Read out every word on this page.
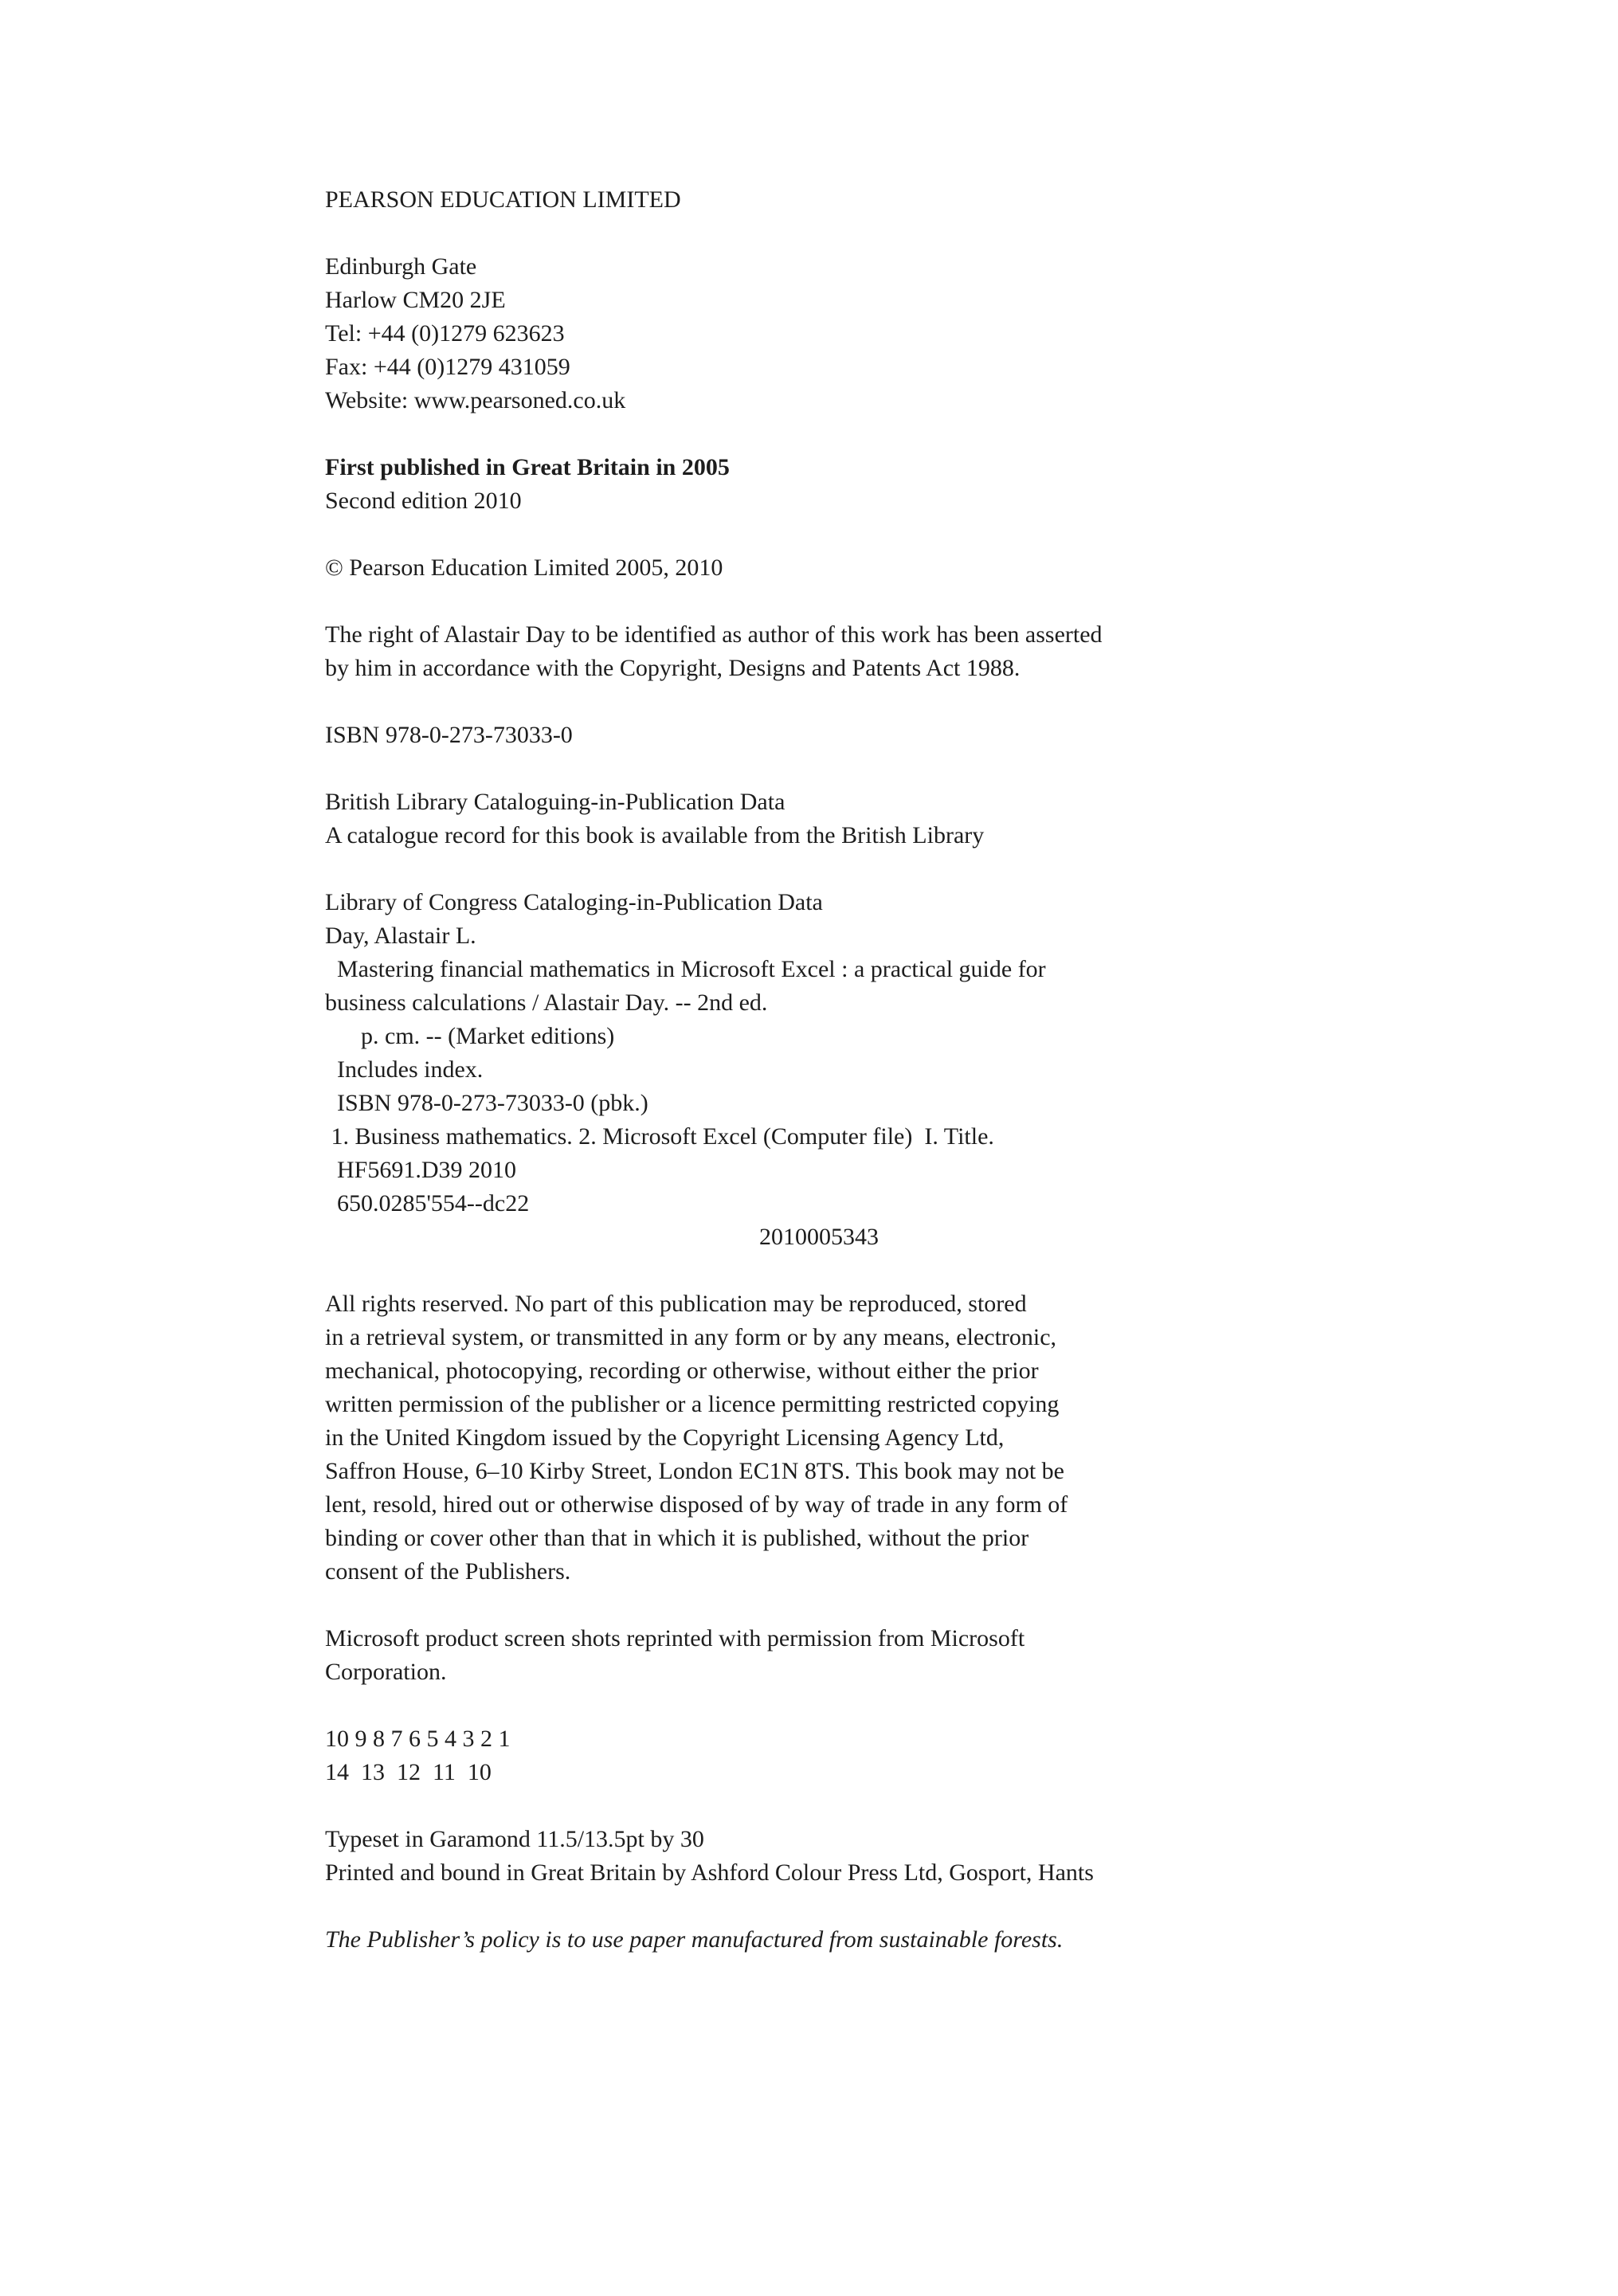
PEARSON EDUCATION LIMITED
Edinburgh Gate
Harlow CM20 2JE
Tel: +44 (0)1279 623623
Fax: +44 (0)1279 431059
Website: www.pearsoned.co.uk
First published in Great Britain in 2005
Second edition 2010
© Pearson Education Limited 2005, 2010
The right of Alastair Day to be identified as author of this work has been asserted
by him in accordance with the Copyright, Designs and Patents Act 1988.
ISBN 978-0-273-73033-0
British Library Cataloguing-in-Publication Data
A catalogue record for this book is available from the British Library
Library of Congress Cataloging-in-Publication Data
Day, Alastair L.
Mastering financial mathematics in Microsoft Excel : a practical guide for
business calculations / Alastair Day. -- 2nd ed.
p. cm. -- (Market editions)
Includes index.
ISBN 978-0-273-73033-0 (pbk.)
1. Business mathematics. 2. Microsoft Excel (Computer file)  I. Title.
HF5691.D39 2010
650.0285'554--dc22
2010005343
All rights reserved. No part of this publication may be reproduced, stored
in a retrieval system, or transmitted in any form or by any means, electronic,
mechanical, photocopying, recording or otherwise, without either the prior
written permission of the publisher or a licence permitting restricted copying
in the United Kingdom issued by the Copyright Licensing Agency Ltd,
Saffron House, 6–10 Kirby Street, London EC1N 8TS. This book may not be
lent, resold, hired out or otherwise disposed of by way of trade in any form of
binding or cover other than that in which it is published, without the prior
consent of the Publishers.
Microsoft product screen shots reprinted with permission from Microsoft
Corporation.
10 9 8 7 6 5 4 3 2 1
14  13  12  11  10
Typeset in Garamond 11.5/13.5pt by 30
Printed and bound in Great Britain by Ashford Colour Press Ltd, Gosport, Hants
The Publisher’s policy is to use paper manufactured from sustainable forests.
